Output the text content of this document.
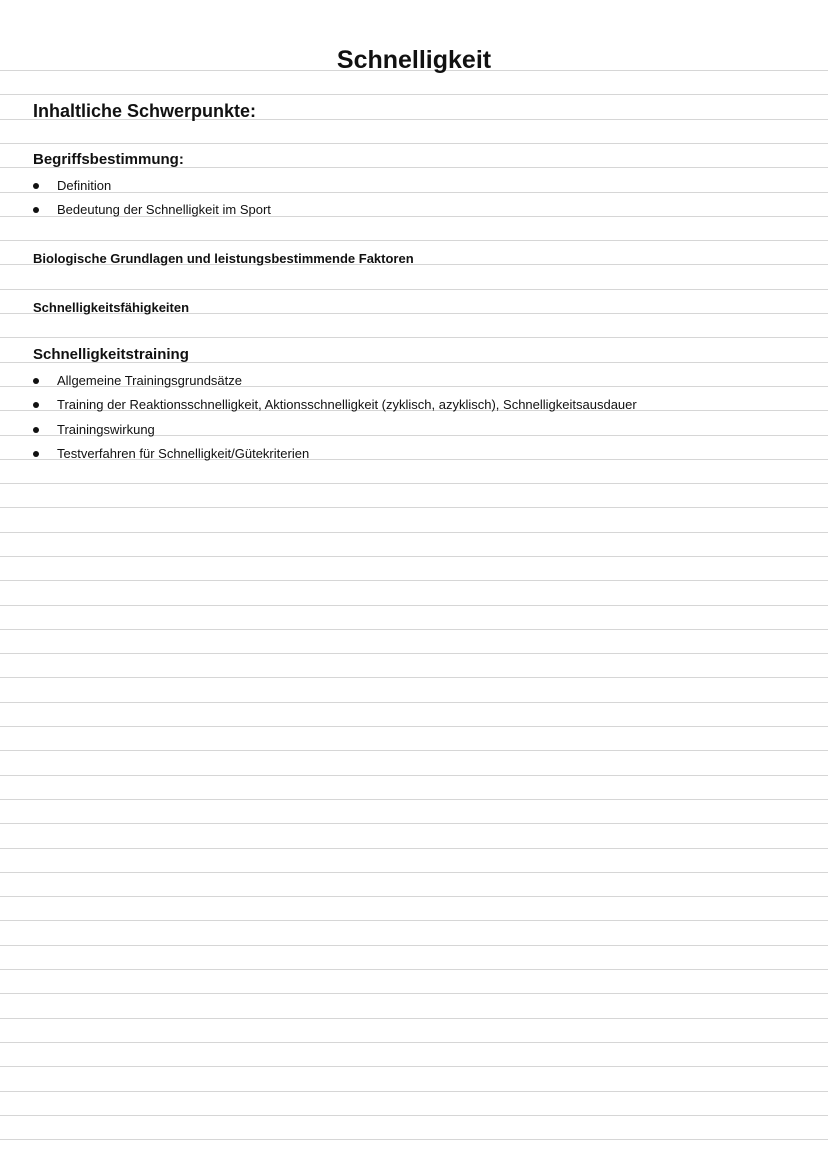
Schnelligkeit
Inhaltliche Schwerpunkte:
Begriffsbestimmung:
Definition
Bedeutung der Schnelligkeit im Sport
Biologische Grundlagen und leistungsbestimmende Faktoren
Schnelligkeitsfähigkeiten
Schnelligkeitstraining
Allgemeine Trainingsgrundsätze
Training der Reaktionsschnelligkeit, Aktionsschnelligkeit (zyklisch, azyklisch), Schnelligkeitsausdauer
Trainingswirkung
Testverfahren für Schnelligkeit/Gütekriterien
